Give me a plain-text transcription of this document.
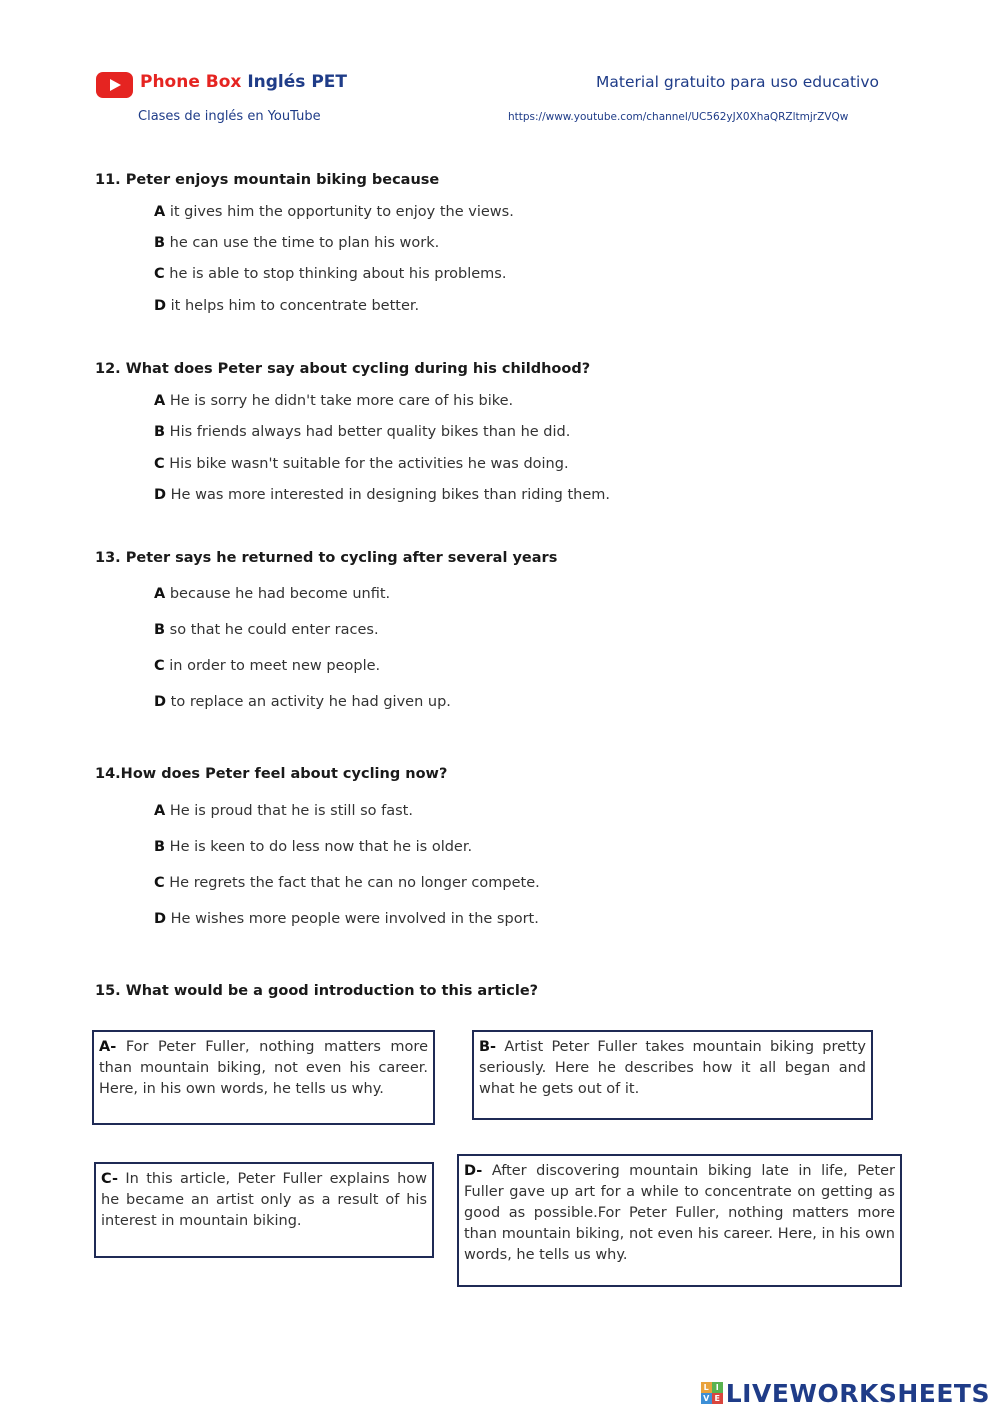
Phone Box Inglés PET
Clases de inglés en YouTube
Material gratuito para uso educativo
https://www.youtube.com/channel/UC562yJX0XhaQRZltmjrZVQw
11. Peter enjoys mountain biking because
A it gives him the opportunity to enjoy the views.
B he can use the time to plan his work.
C he is able to stop thinking about his problems.
D it helps him to concentrate better.
12. What does Peter say about cycling during his childhood?
A He is sorry he didn't take more care of his bike.
B His friends always had better quality bikes than he did.
C His bike wasn't suitable for the activities he was doing.
D He was more interested in designing bikes than riding them.
13. Peter says he returned to cycling after several years
A because he had become unfit.
B so that he could enter races.
C in order to meet new people.
D to replace an activity he had given up.
14.How does Peter feel about cycling now?
A He is proud that he is still so fast.
B He is keen to do less now that he is older.
C He regrets the fact that he can no longer compete.
D He wishes more people were involved in the sport.
15. What would be a good introduction to this article?
A- For Peter Fuller, nothing matters more than mountain biking, not even his career. Here, in his own words, he tells us why.
B- Artist Peter Fuller takes mountain biking pretty seriously. Here he describes how it all began and what he gets out of it.
C- In this article, Peter Fuller explains how he became an artist only as a result of his interest in mountain biking.
D- After discovering mountain biking late in life, Peter Fuller gave up art for a while to concentrate on getting as good as possible.For Peter Fuller, nothing matters more than mountain biking, not even his career. Here, in his own words, he tells us why.
L I
V E LIVEWORKSHEETS
